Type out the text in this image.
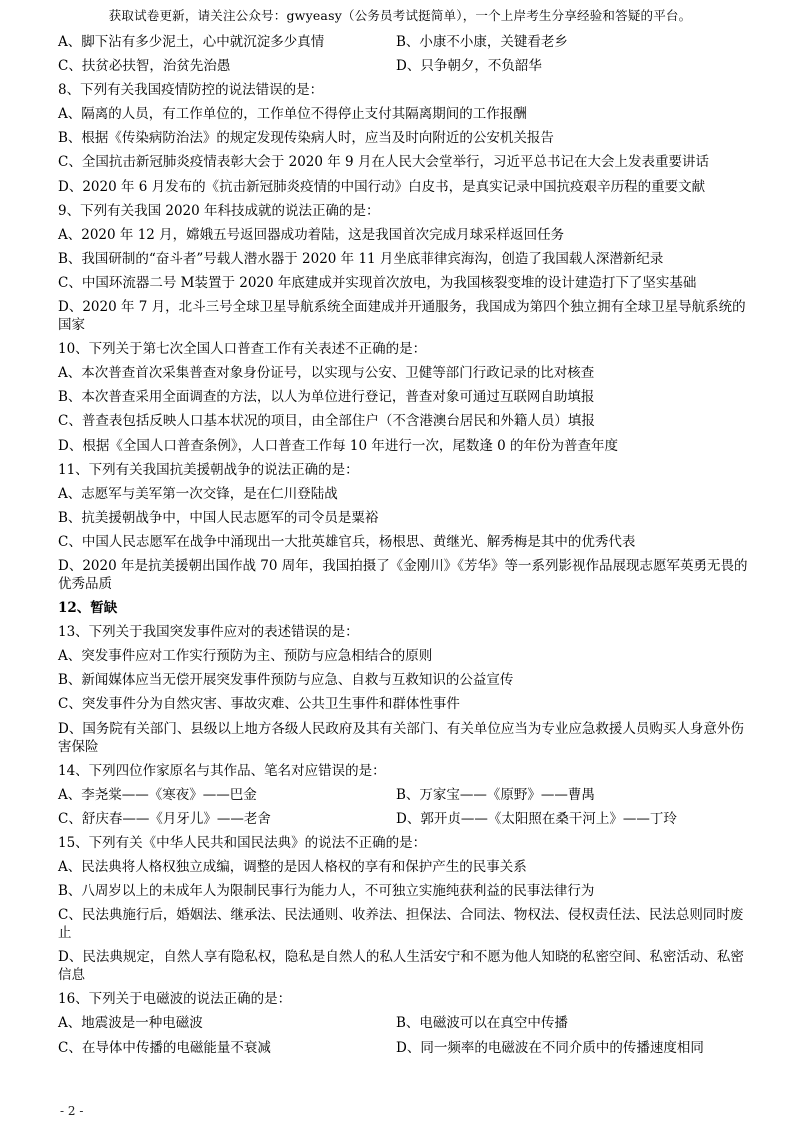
获取试卷更新，请关注公众号：gwyeasy（公务员考试挺简单），一个上岸考生分享经验和答疑的平台。
A、脚下沾有多少泥土，心中就沉淀多少真情	B、小康不小康，关键看老乡
C、扶贫必扶智，治贫先治愚	D、只争朝夕，不负韶华
8、下列有关我国疫情防控的说法错误的是：
A、隔离的人员，有工作单位的，工作单位不得停止支付其隔离期间的工作报酬
B、根据《传染病防治法》的规定发现传染病人时，应当及时向附近的公安机关报告
C、全国抗击新冠肺炎疫情表彰大会于 2020 年 9 月在人民大会堂举行，习近平总书记在大会上发表重要讲话
D、2020 年 6 月发布的《抗击新冠肺炎疫情的中国行动》白皮书，是真实记录中国抗疫艰辛历程的重要文献
9、下列有关我国 2020 年科技成就的说法正确的是：
A、2020 年 12 月，嫦娥五号返回器成功着陆，这是我国首次完成月球采样返回任务
B、我国研制的“奋斗者”号载人潜水器于 2020 年 11 月坐底菲律宾海沟，创造了我国载人深潜新纪录
C、中国环流器二号 M装置于 2020 年底建成并实现首次放电，为我国核裂变堆的设计建造打下了坚实基础
D、2020 年 7 月，北斗三号全球卫星导航系统全面建成并开通服务，我国成为第四个独立拥有全球卫星导航系统的国家
10、下列关于第七次全国人口普查工作有关表述不正确的是：
A、本次普查首次采集普查对象身份证号，以实现与公安、卫健等部门行政记录的比对核查
B、本次普查采用全面调查的方法，以人为单位进行登记，普查对象可通过互联网自助填报
C、普查表包括反映人口基本状况的项目，由全部住户（不含港澳台居民和外籍人员）填报
D、根据《全国人口普查条例》，人口普查工作每 10 年进行一次，尾数逢 0 的年份为普查年度
11、下列有关我国抗美援朝战争的说法正确的是：
A、志愿军与美军第一次交锋，是在仁川登陆战
B、抗美援朝战争中，中国人民志愿军的司令员是粟裕
C、中国人民志愿军在战争中涌现出一大批英雄官兵，杨根思、黄继光、解秀梅是其中的优秀代表
D、2020 年是抗美援朝出国作战 70 周年，我国拍摄了《金刚川》《芳华》等一系列影视作品展现志愿军英勇无畏的优秀品质
12、暂缺
13、下列关于我国突发事件应对的表述错误的是：
A、突发事件应对工作实行预防为主、预防与应急相结合的原则
B、新闻媒体应当无偿开展突发事件预防与应急、自救与互救知识的公益宣传
C、突发事件分为自然灾害、事故灾难、公共卫生事件和群体性事件
D、国务院有关部门、县级以上地方各级人民政府及其有关部门、有关单位应当为专业应急救援人员购买人身意外伤害保险
14、下列四位作家原名与其作品、笔名对应错误的是：
A、李尧棠——《寒夜》——巴金	B、万家宝——《原野》——曹禺
C、舒庆春——《月牙儿》——老舍	D、郭开贞——《太阳照在桑干河上》——丁玲
15、下列有关《中华人民共和国民法典》的说法不正确的是：
A、民法典将人格权独立成编，调整的是因人格权的享有和保护产生的民事关系
B、八周岁以上的未成年人为限制民事行为能力人，不可独立实施纯获利益的民事法律行为
C、民法典施行后，婚姻法、继承法、民法通则、收养法、担保法、合同法、物权法、侵权责任法、民法总则同时废止
D、民法典规定，自然人享有隐私权，隐私是自然人的私人生活安宁和不愿为他人知晓的私密空间、私密活动、私密信息
16、下列关于电磁波的说法正确的是：
A、地震波是一种电磁波	B、电磁波可以在真空中传播
C、在导体中传播的电磁能量不衰减	D、同一频率的电磁波在不同介质中的传播速度相同
- 2 -
